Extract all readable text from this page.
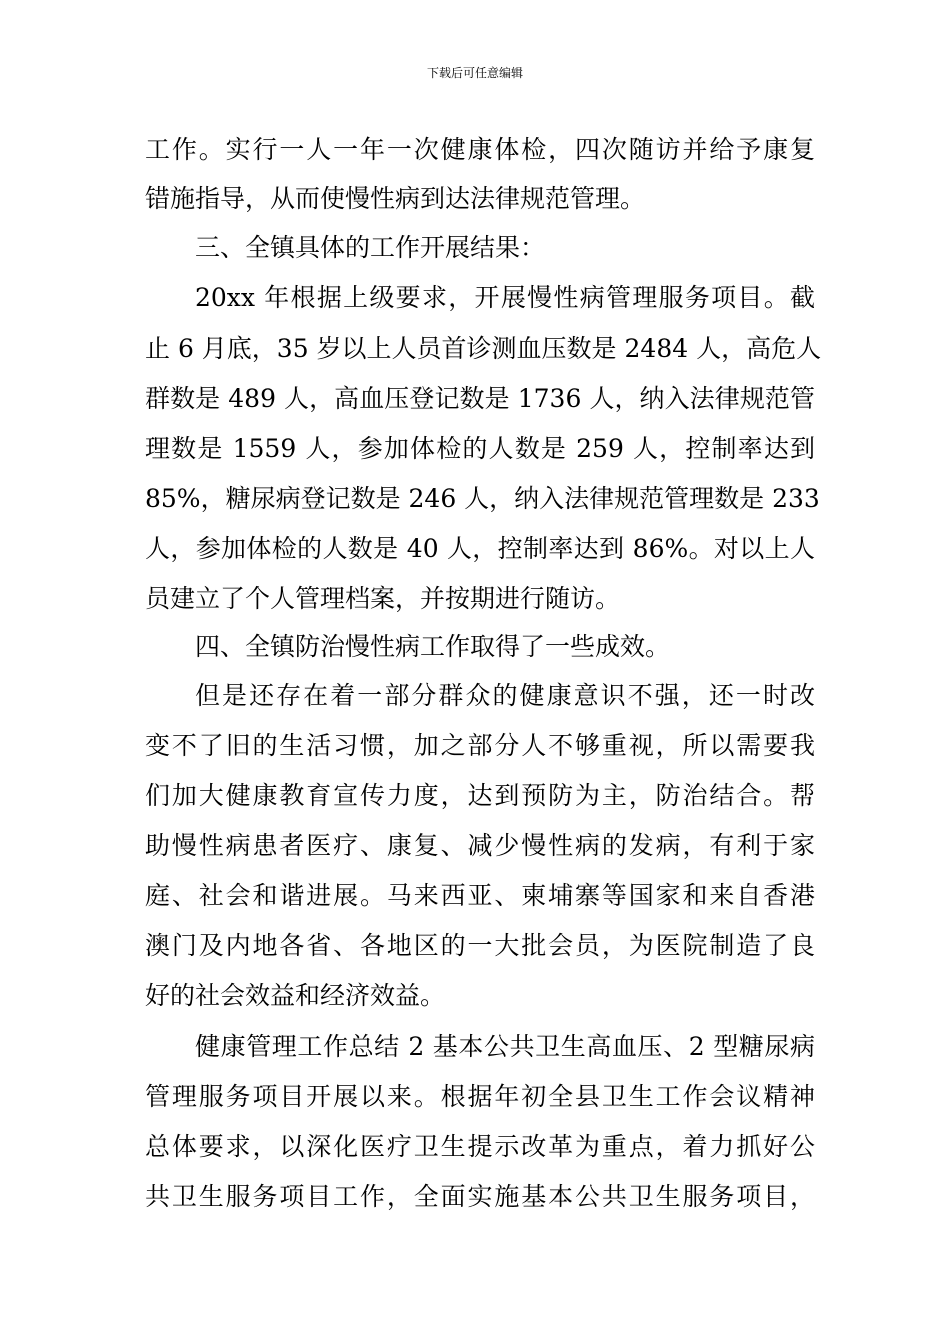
下载后可任意编辑
工作。实行一人一年一次健康体检，四次随访并给予康复
错施指导，从而使慢性病到达法律规范管理。
三、全镇具体的工作开展结果：
20xx 年根据上级要求，开展慢性病管理服务项目。截
止 6 月底，35 岁以上人员首诊测血压数是 2484 人，高危人
群数是 489 人，高血压登记数是 1736 人，纳入法律规范管
理数是 1559 人，参加体检的人数是 259 人，控制率达到
85%，糖尿病登记数是 246 人，纳入法律规范管理数是 233
人，参加体检的人数是 40 人，控制率达到 86%。对以上人
员建立了个人管理档案，并按期进行随访。
四、全镇防治慢性病工作取得了一些成效。
但是还存在着一部分群众的健康意识不强，还一时改
变不了旧的生活习惯，加之部分人不够重视，所以需要我
们加大健康教育宣传力度，达到预防为主，防治结合。帮
助慢性病患者医疗、康复、减少慢性病的发病，有利于家
庭、社会和谐进展。马来西亚、柬埔寨等国家和来自香港
澳门及内地各省、各地区的一大批会员，为医院制造了良
好的社会效益和经济效益。
健康管理工作总结 2 基本公共卫生高血压、2 型糖尿病
管理服务项目开展以来。根据年初全县卫生工作会议精神
总体要求，以深化医疗卫生提示改革为重点，着力抓好公
共卫生服务项目工作，全面实施基本公共卫生服务项目，
